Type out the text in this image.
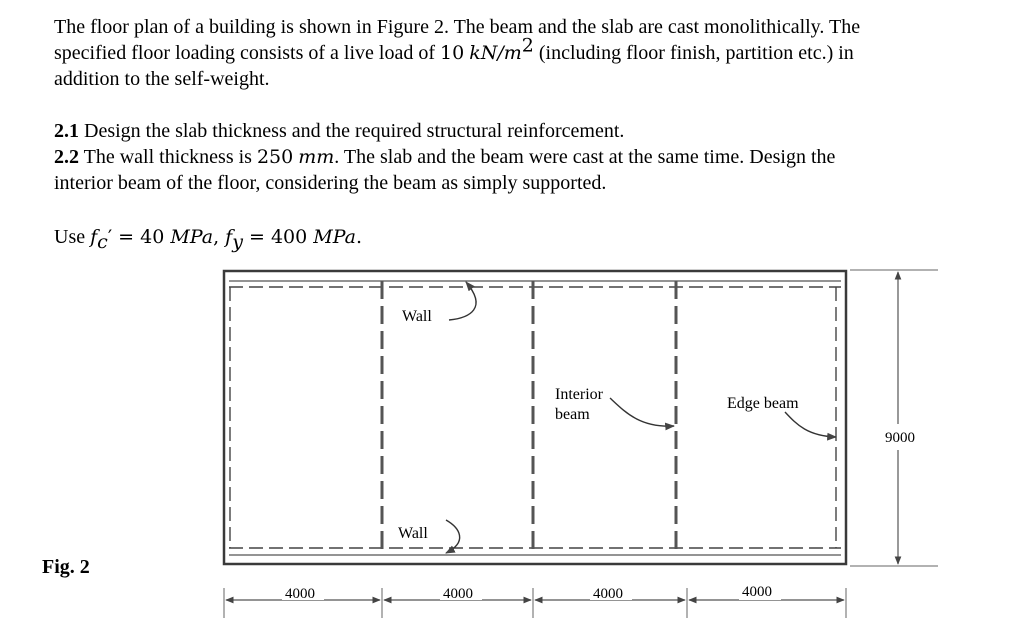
The floor plan of a building is shown in Figure 2. The beam and the slab are cast monolithically. The
specified floor loading consists of a live load of 10 $kN/m^2$ (including floor finish, partition etc.) in
addition to the self-weight.

2.1 Design the slab thickness and the required structural reinforcement.
2.2 The wall thickness is 250 mm. The slab and the beam were cast at the same time. Design the
interior beam of the floor, considering the beam as simply supported.

Use $f_c' = 40$ MPa, $f_y = 400$ MPa.

Fig. 2
Wall
Wall
Interior
beam
Edge beam
9000
4000	4000	4000	4000
